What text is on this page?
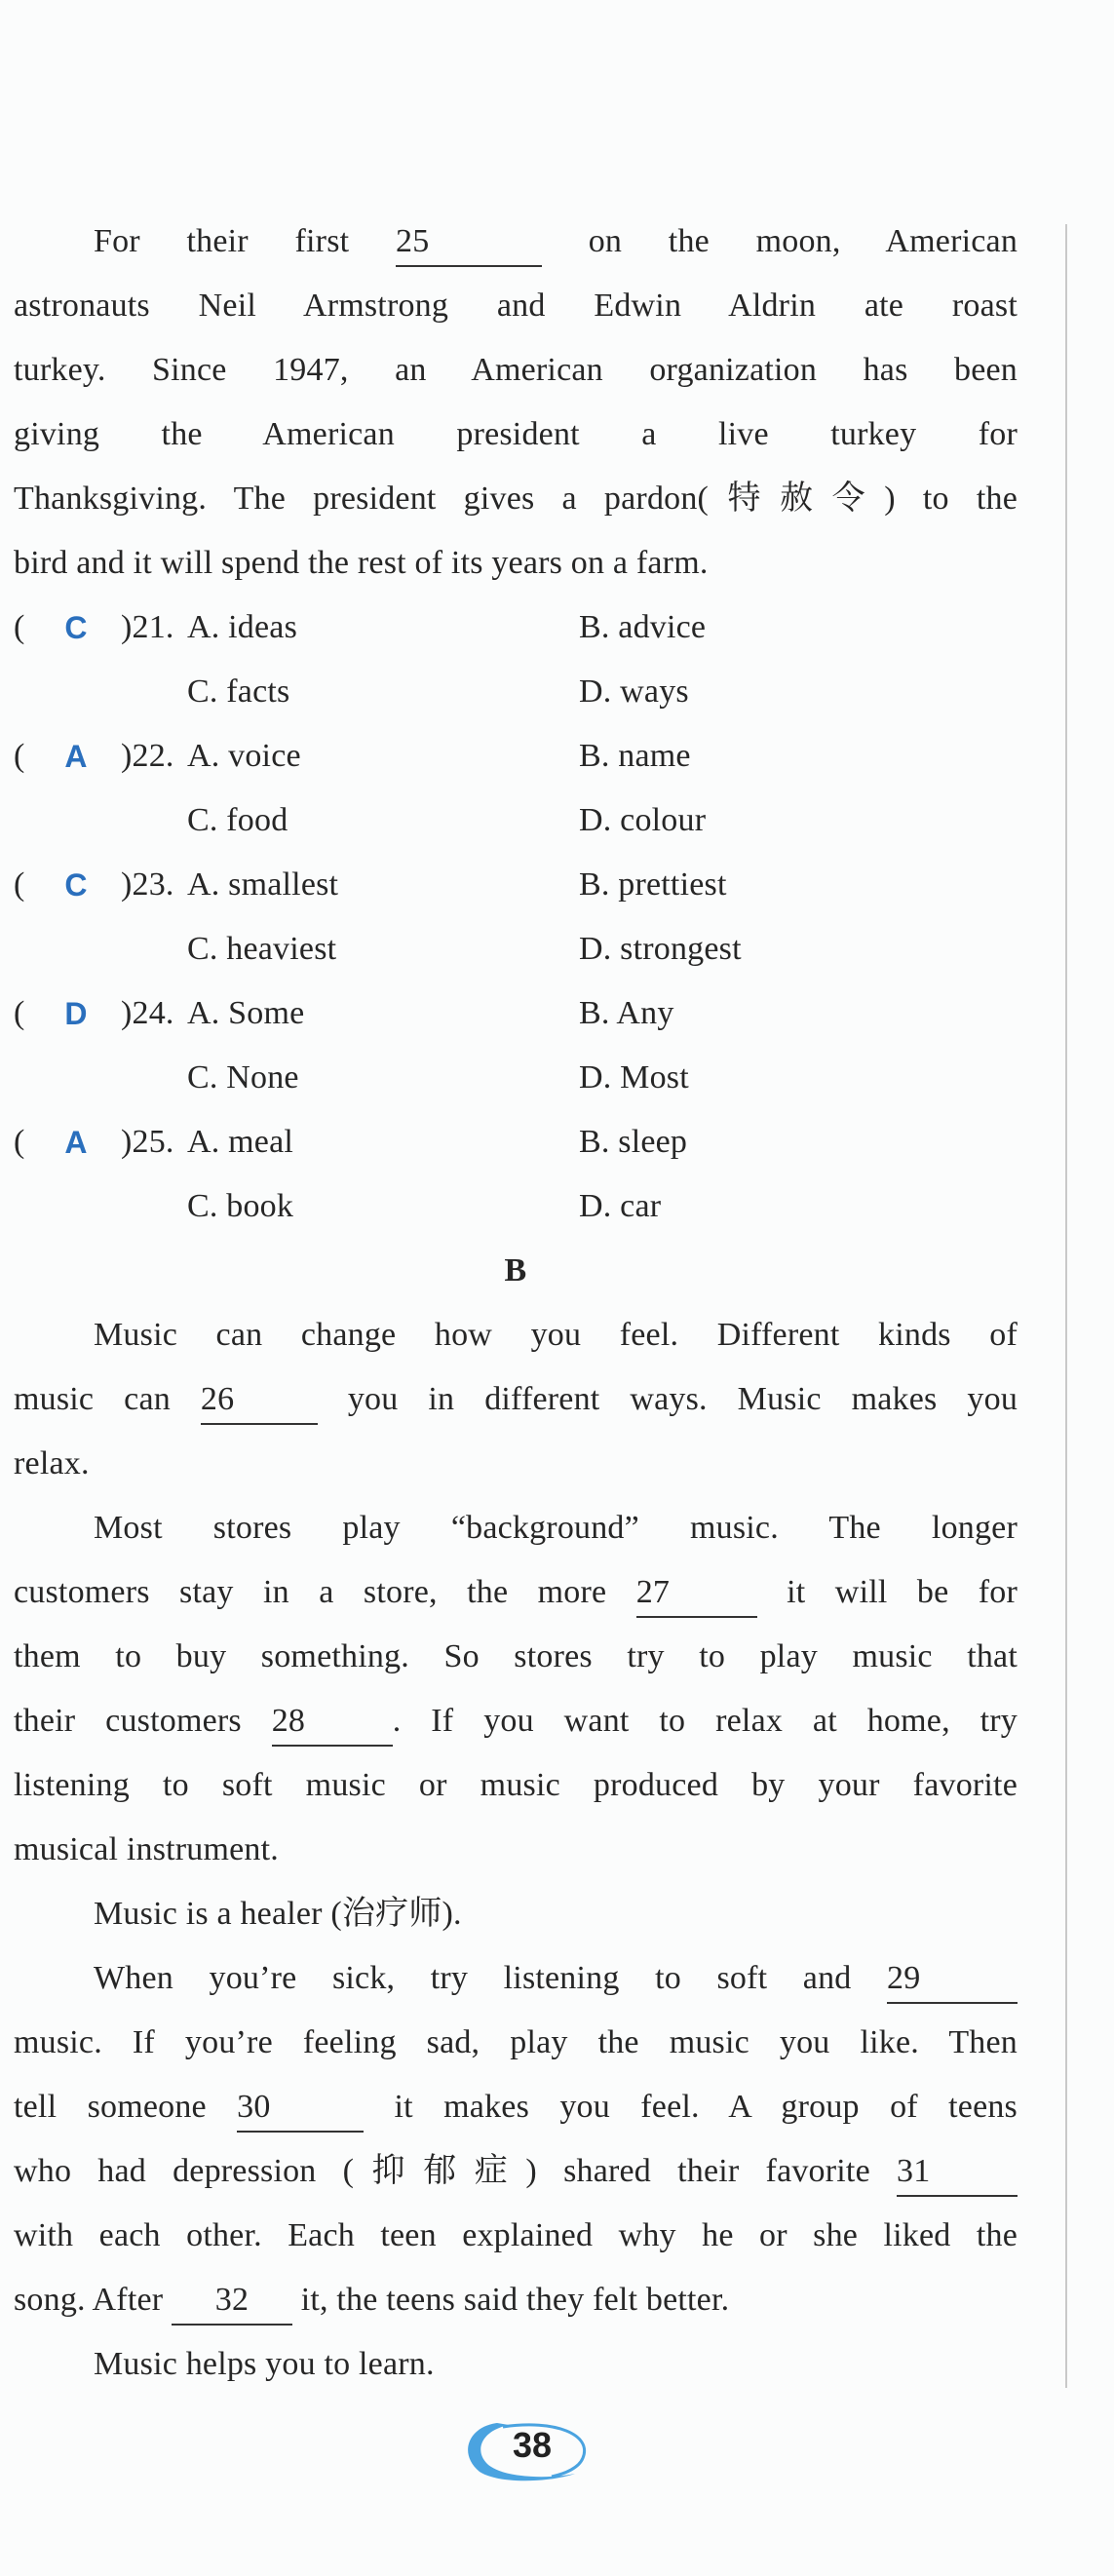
For their first 25	on the moon, American
astronauts Neil Armstrong and Edwin Aldrin ate roast
turkey. Since 1947, an American organization has been
giving the American president a live turkey for
Thanksgiving. The president gives a pardon(特赦令) to the
bird and it will spend the rest of its years on a farm.
( C )21. A. ideas	B. advice
C. facts	D. ways
( A )22. A. voice	B. name
C. food	D. colour
( C )23. A. smallest	B. prettiest
C. heaviest	D. strongest
( D )24. A. Some	B. Any
C. None	D. Most
( A )25. A. meal	B. sleep
C. book	D. car
B
Music can change how you feel. Different kinds of
music can 26	you in different ways. Music makes you
relax.
Most stores play “background” music. The longer
customers stay in a store, the more 27	it will be for
them to buy something. So stores try to play music that
their customers 28	. If you want to relax at home, try
listening to soft music or music produced by your favorite
musical instrument.
Music is a healer (治疗师).
When you’re sick, try listening to soft and 29
music. If you’re feeling sad, play the music you like. Then
tell someone 30	it makes you feel. A group of teens
who had depression (抑郁症) shared their favorite 31
with each other. Each teen explained why he or she liked the
song. After 32 it, the teens said they felt better.
Music helps you to learn.
38
